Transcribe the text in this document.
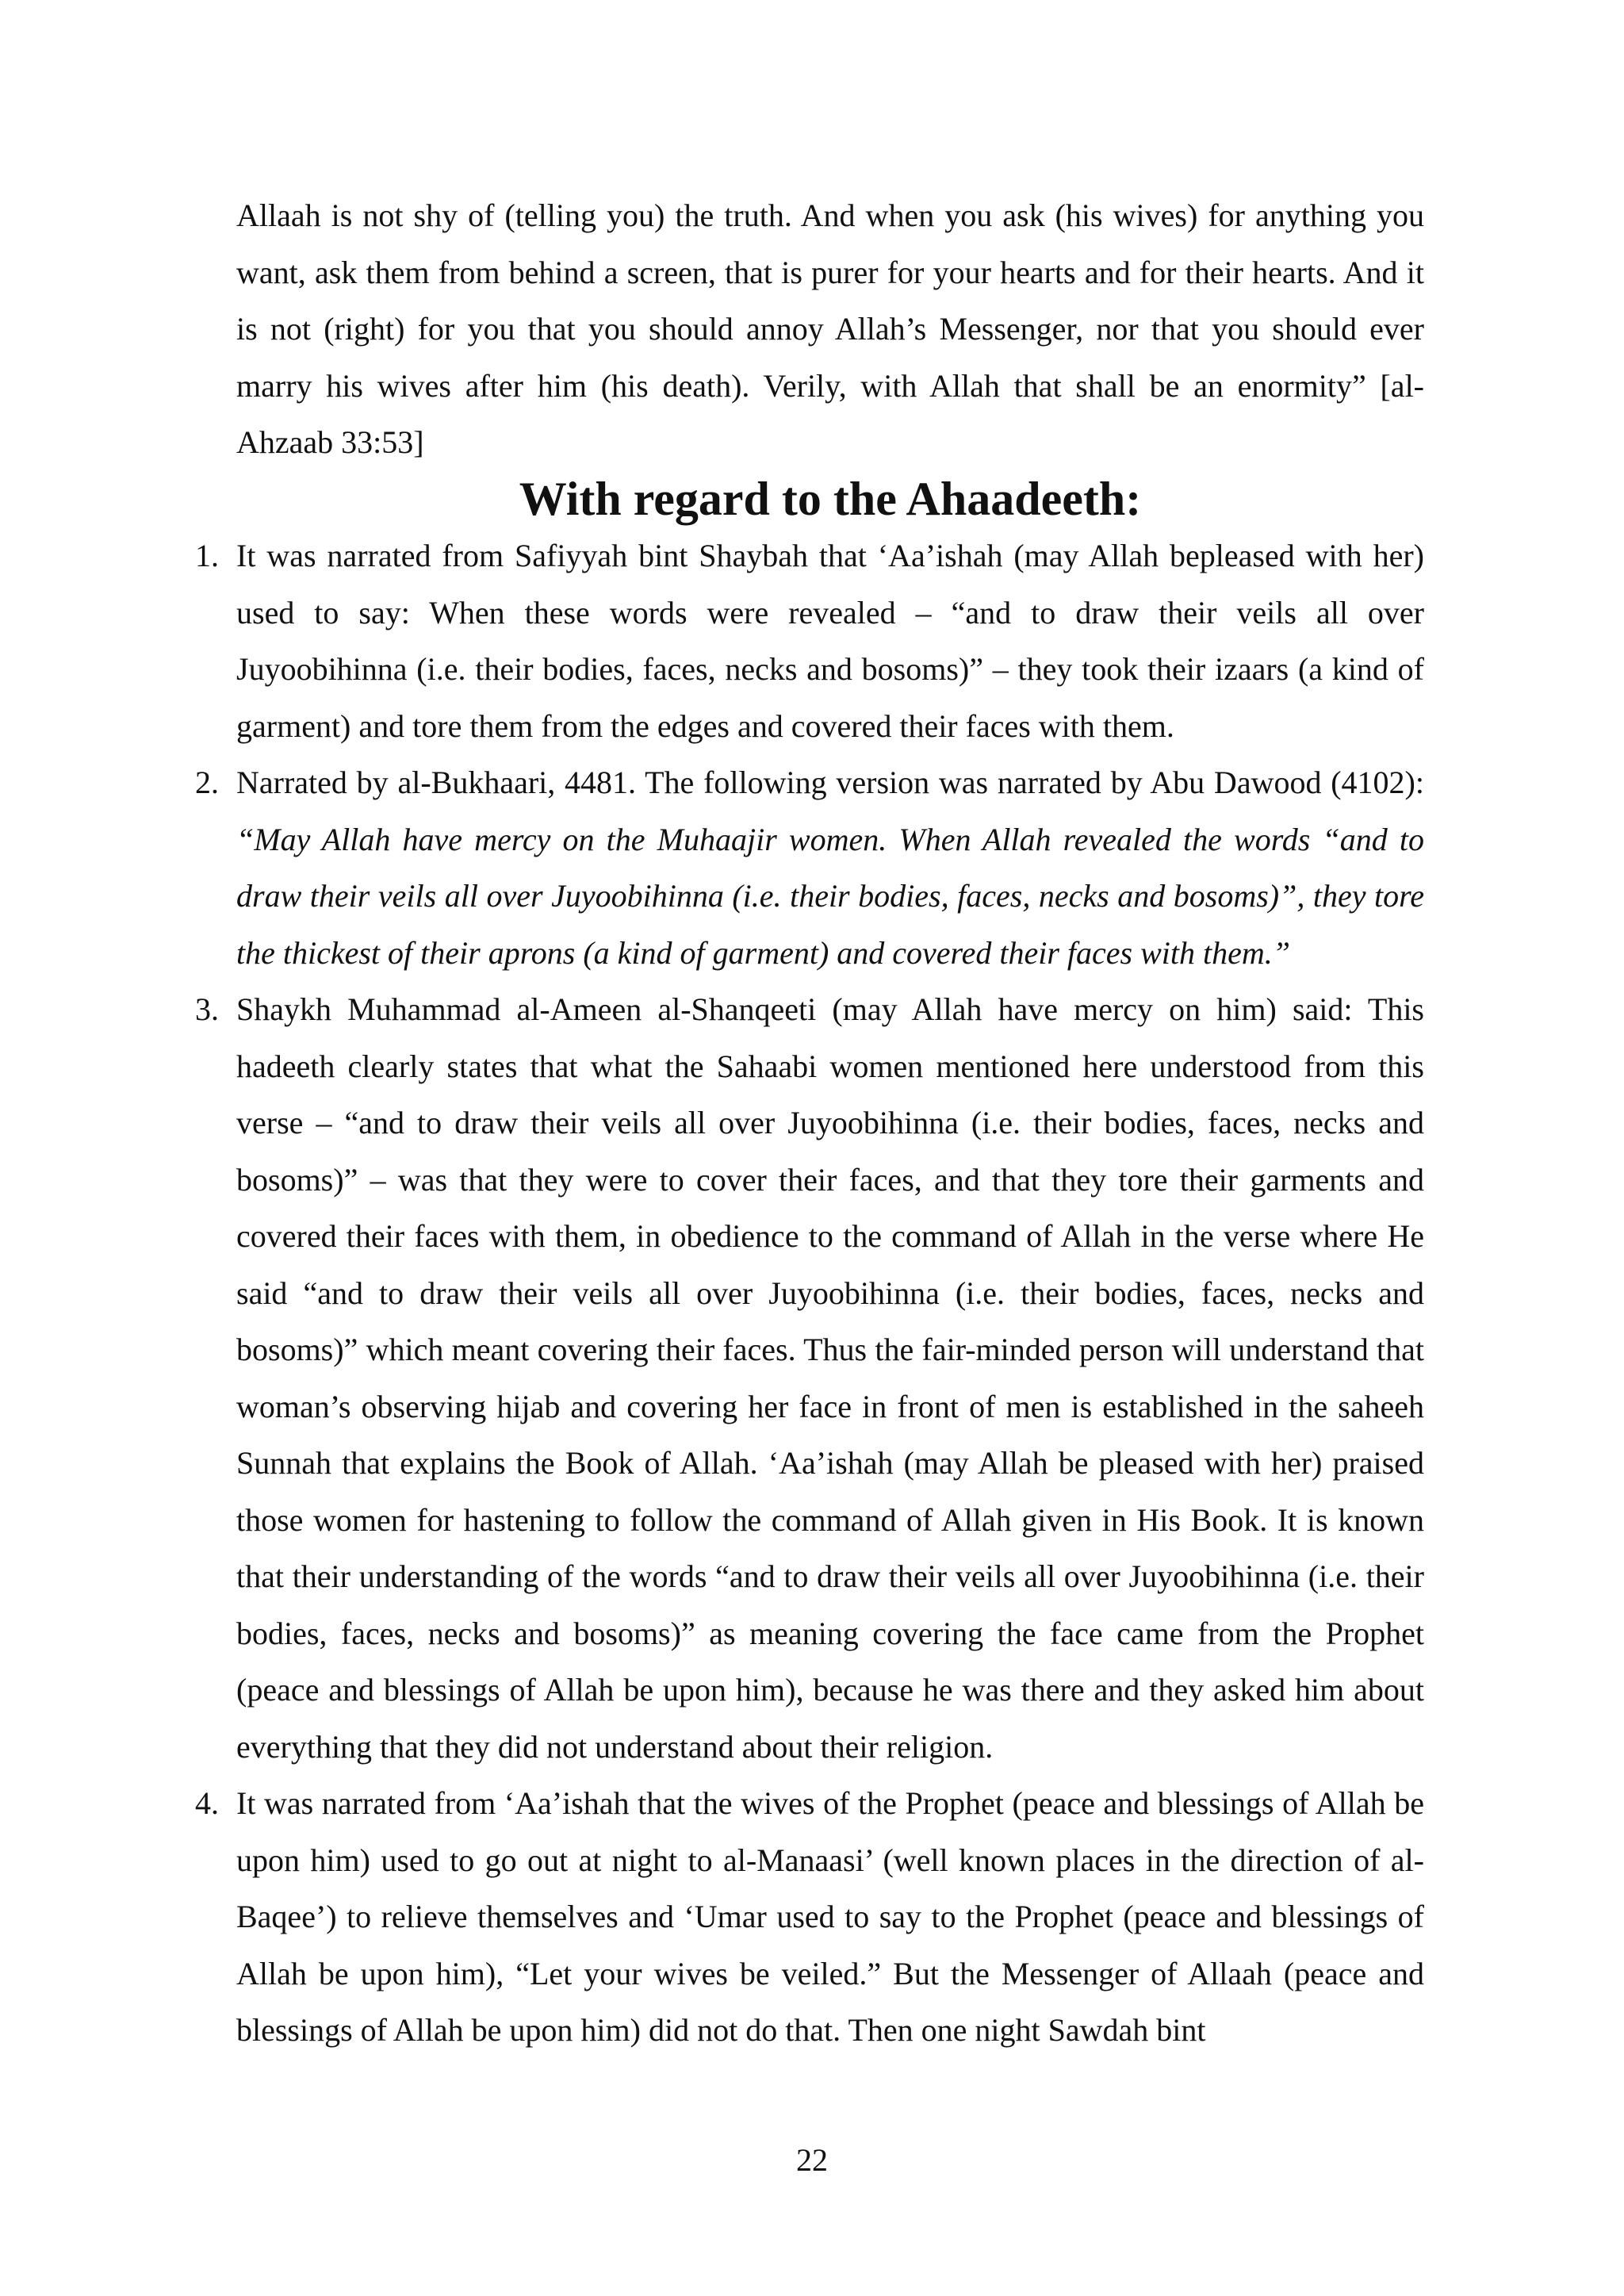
Allaah is not shy of (telling you) the truth. And when you ask (his wives) for anything you want, ask them from behind a screen, that is purer for your hearts and for their hearts. And it is not (right) for you that you should annoy Allah’s Messenger, nor that you should ever marry his wives after him (his death). Verily, with Allah that shall be an enormity” [al-Ahzaab 33:53]

With regard to the Ahaadeeth:
1. It was narrated from Safiyyah bint Shaybah that ‘Aa’ishah (may Allah bepleased with her) used to say: When these words were revealed – “and to draw their veils all over Juyoobihinna (i.e. their bodies, faces, necks and bosoms)” – they took their izaars (a kind of garment) and tore them from the edges and covered their faces with them.
2. Narrated by al-Bukhaari, 4481. The following version was narrated by Abu Dawood (4102): “May Allah have mercy on the Muhaajir women. When Allah revealed the words “and to draw their veils all over Juyoobihinna (i.e. their bodies, faces, necks and bosoms)”, they tore the thickest of their aprons (a kind of garment) and covered their faces with them.”
3. Shaykh Muhammad al-Ameen al-Shanqeeti (may Allah have mercy on him) said: This hadeeth clearly states that what the Sahaabi women mentioned here understood from this verse – “and to draw their veils all over Juyoobihinna (i.e. their bodies, faces, necks and bosoms)” – was that they were to cover their faces, and that they tore their garments and covered their faces with them, in obedience to the command of Allah in the verse where He said “and to draw their veils all over Juyoobihinna (i.e. their bodies, faces, necks and bosoms)” which meant covering their faces. Thus the fair-minded person will understand that woman’s observing hijab and covering her face in front of men is established in the saheeh Sunnah that explains the Book of Allah. ‘Aa’ishah (may Allah be pleased with her) praised those women for hastening to follow the command of Allah given in His Book. It is known that their understanding of the words “and to draw their veils all over Juyoobihinna (i.e. their bodies, faces, necks and bosoms)” as meaning covering the face came from the Prophet (peace and blessings of Allah be upon him), because he was there and they asked him about everything that they did not understand about their religion.
4. It was narrated from ‘Aa’ishah that the wives of the Prophet (peace and blessings of Allah be upon him) used to go out at night to al-Manaasi’ (well known places in the direction of al-Baqee’) to relieve themselves and ‘Umar used to say to the Prophet (peace and blessings of Allah be upon him), “Let your wives be veiled.” But the Messenger of Allaah (peace and blessings of Allah be upon him) did not do that. Then one night Sawdah bint
22
